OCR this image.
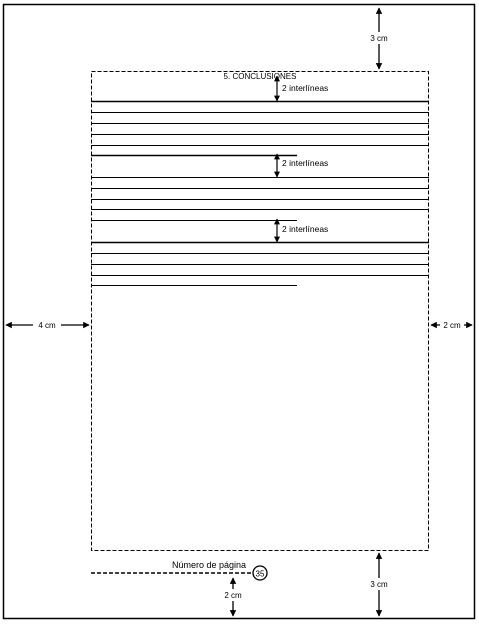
5. CONCLUSIONES
3 cm
4 cm	2 cm
3 cm
2 cm
Número de página
35
2 interlíneas
2 interlíneas
2 interlíneas
